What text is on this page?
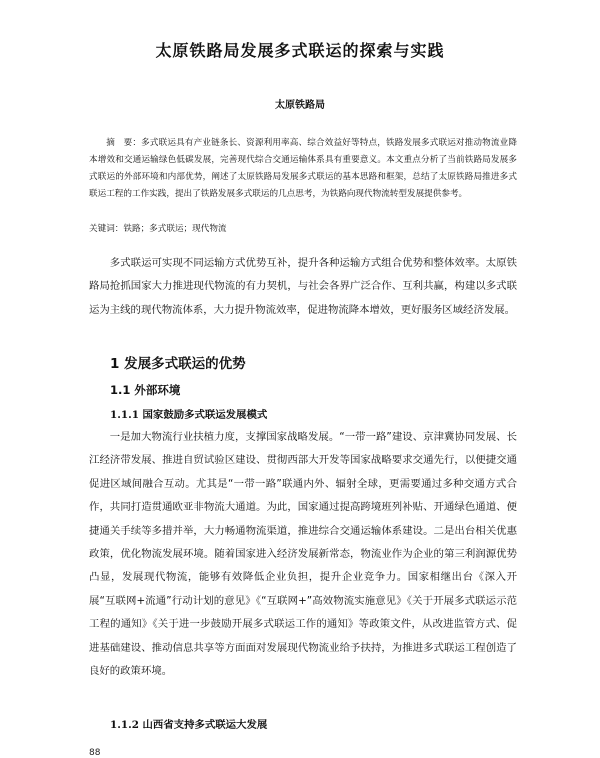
太原铁路局发展多式联运的探索与实践
太原铁路局
摘　要：多式联运具有产业链条长、资源利用率高、综合效益好等特点，铁路发展多式联运对推动物流业降本增效和交通运输绿色低碳发展，完善现代综合交通运输体系具有重要意义。本文重点分析了当前铁路局发展多式联运的外部环境和内部优势，阐述了太原铁路局发展多式联运的基本思路和框架，总结了太原铁路局推进多式联运工程的工作实践，提出了铁路发展多式联运的几点思考，为铁路向现代物流转型发展提供参考。
关键词：铁路；多式联运；现代物流

多式联运可实现不同运输方式优势互补，提升各种运输方式组合优势和整体效率。太原铁路局抢抓国家大力推进现代物流的有力契机，与社会各界广泛合作、互利共赢，构建以多式联运为主线的现代物流体系，大力提升物流效率，促进物流降本增效，更好服务区域经济发展。

1 发展多式联运的优势
1.1 外部环境
1.1.1 国家鼓励多式联运发展模式

一是加大物流行业扶植力度，支撑国家战略发展。“一带一路”建设、京津冀协同发展、长江经济带发展、推进自贸试验区建设、贯彻西部大开发等国家战略要求交通先行，以便捷交通促进区域间融合互动。尤其是“一带一路”联通内外、辐射全球，更需要通过多种交通方式合作，共同打造贯通欧亚非物流大通道。为此，国家通过提高跨境班列补贴、开通绿色通道、便捷通关手续等多措并举，大力畅通物流渠道，推进综合交通运输体系建设。二是出台相关优惠政策，优化物流发展环境。随着国家进入经济发展新常态，物流业作为企业的第三利润源优势凸显，发展现代物流，能够有效降低企业负担，提升企业竞争力。国家相继出台《深入开展“互联网+流通”行动计划的意见》《“互联网+”高效物流实施意见》《关于开展多式联运示范工程的通知》《关于进一步鼓励开展多式联运工作的通知》等政策文件，从改进监管方式、促进基础建设、推动信息共享等方面面对发展现代物流业给予扶持，为推进多式联运工程创造了良好的政策环境。

1.1.2 山西省支持多式联运大发展
88
